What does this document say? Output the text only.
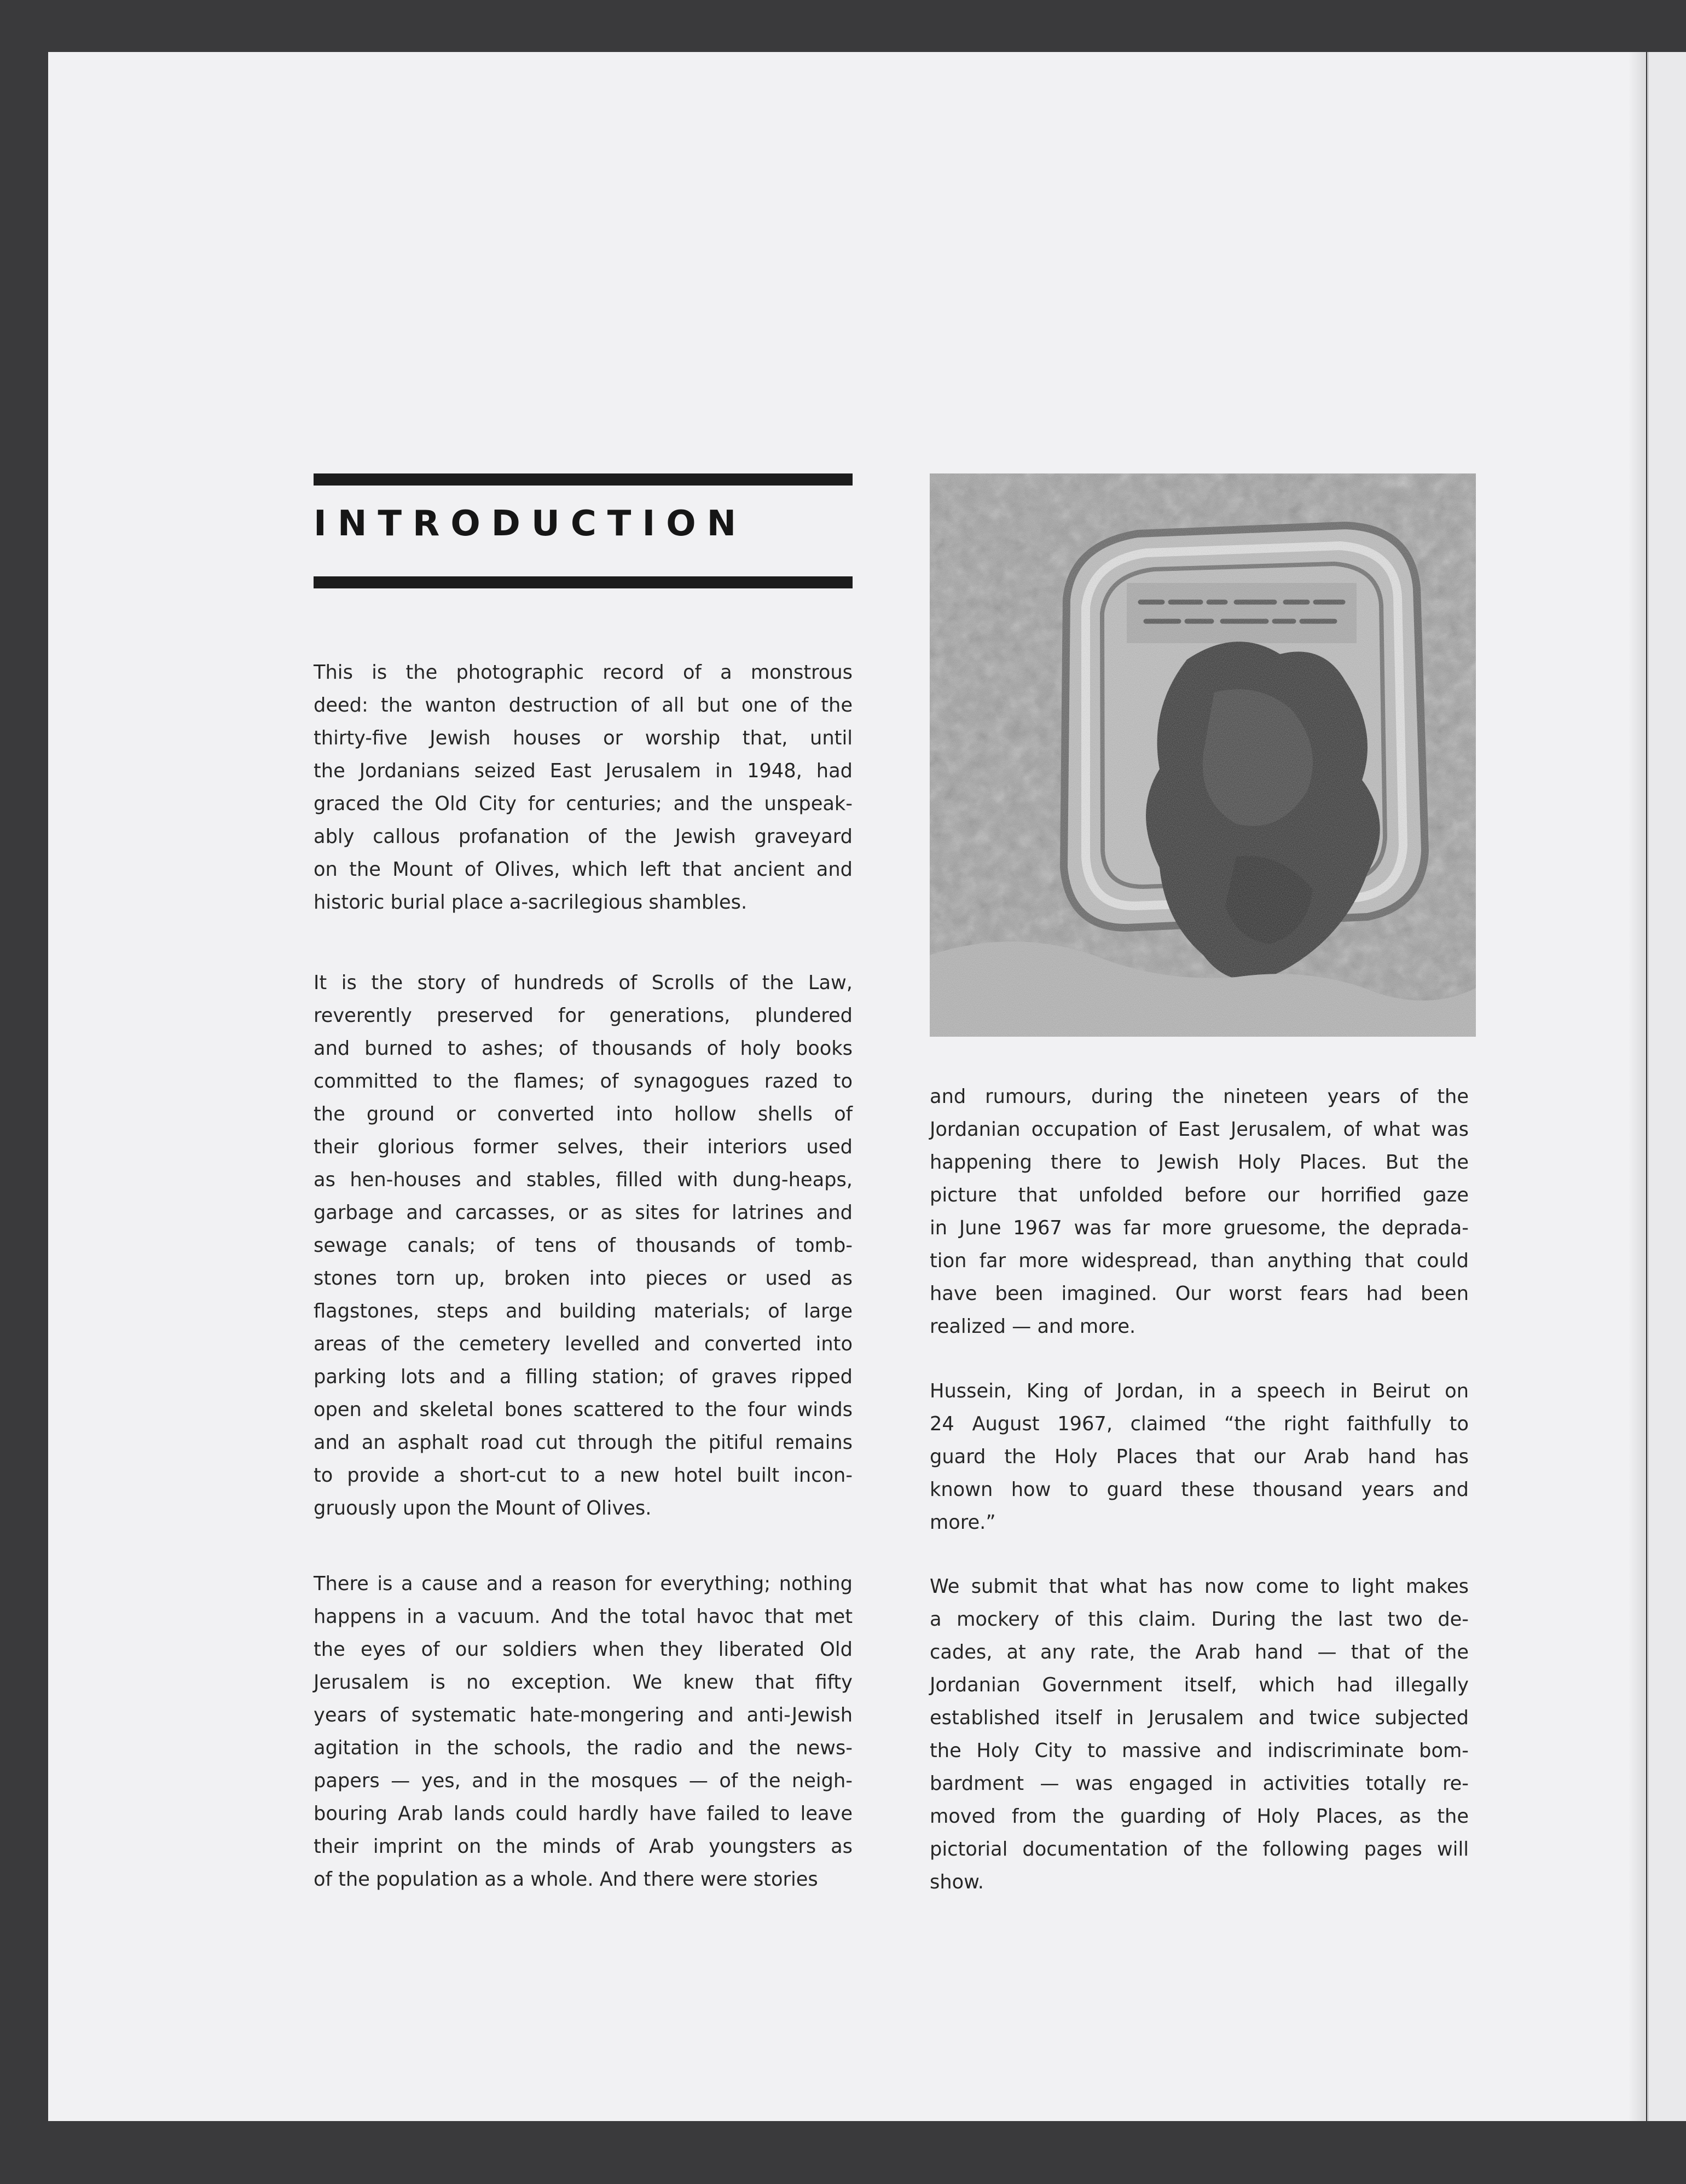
INTRODUCTION
This is the photographic record of a monstrous
deed: the wanton destruction of all but one of the
thirty-five Jewish houses or worship that, until
the Jordanians seized East Jerusalem in 1948, had
graced the Old City for centuries; and the unspeak-
ably callous profanation of the Jewish graveyard
on the Mount of Olives, which left that ancient and
historic burial place a-sacrilegious shambles.
It is the story of hundreds of Scrolls of the Law,
reverently preserved for generations, plundered
and burned to ashes; of thousands of holy books
committed to the flames; of synagogues razed to
the ground or converted into hollow shells of
their glorious former selves, their interiors used
as hen-houses and stables, filled with dung-heaps,
garbage and carcasses, or as sites for latrines and
sewage canals; of tens of thousands of tomb-
stones torn up, broken into pieces or used as
flagstones, steps and building materials; of large
areas of the cemetery levelled and converted into
parking lots and a filling station; of graves ripped
open and skeletal bones scattered to the four winds
and an asphalt road cut through the pitiful remains
to provide a short-cut to a new hotel built incon-
gruously upon the Mount of Olives.
There is a cause and a reason for everything; nothing
happens in a vacuum. And the total havoc that met
the eyes of our soldiers when they liberated Old
Jerusalem is no exception. We knew that fifty
years of systematic hate-mongering and anti-Jewish
agitation in the schools, the radio and the news-
papers — yes, and in the mosques — of the neigh-
bouring Arab lands could hardly have failed to leave
their imprint on the minds of Arab youngsters as
of the population as a whole. And there were stories
and rumours, during the nineteen years of the
Jordanian occupation of East Jerusalem, of what was
happening there to Jewish Holy Places. But the
picture that unfolded before our horrified gaze
in June 1967 was far more gruesome, the deprada-
tion far more widespread, than anything that could
have been imagined. Our worst fears had been
realized — and more.
Hussein, King of Jordan, in a speech in Beirut on
24 August 1967, claimed “the right faithfully to
guard the Holy Places that our Arab hand has
known how to guard these thousand years and
more.”
We submit that what has now come to light makes
a mockery of this claim. During the last two de-
cades, at any rate, the Arab hand — that of the
Jordanian Government itself, which had illegally
established itself in Jerusalem and twice subjected
the Holy City to massive and indiscriminate bom-
bardment — was engaged in activities totally re-
moved from the guarding of Holy Places, as the
pictorial documentation of the following pages will
show.
